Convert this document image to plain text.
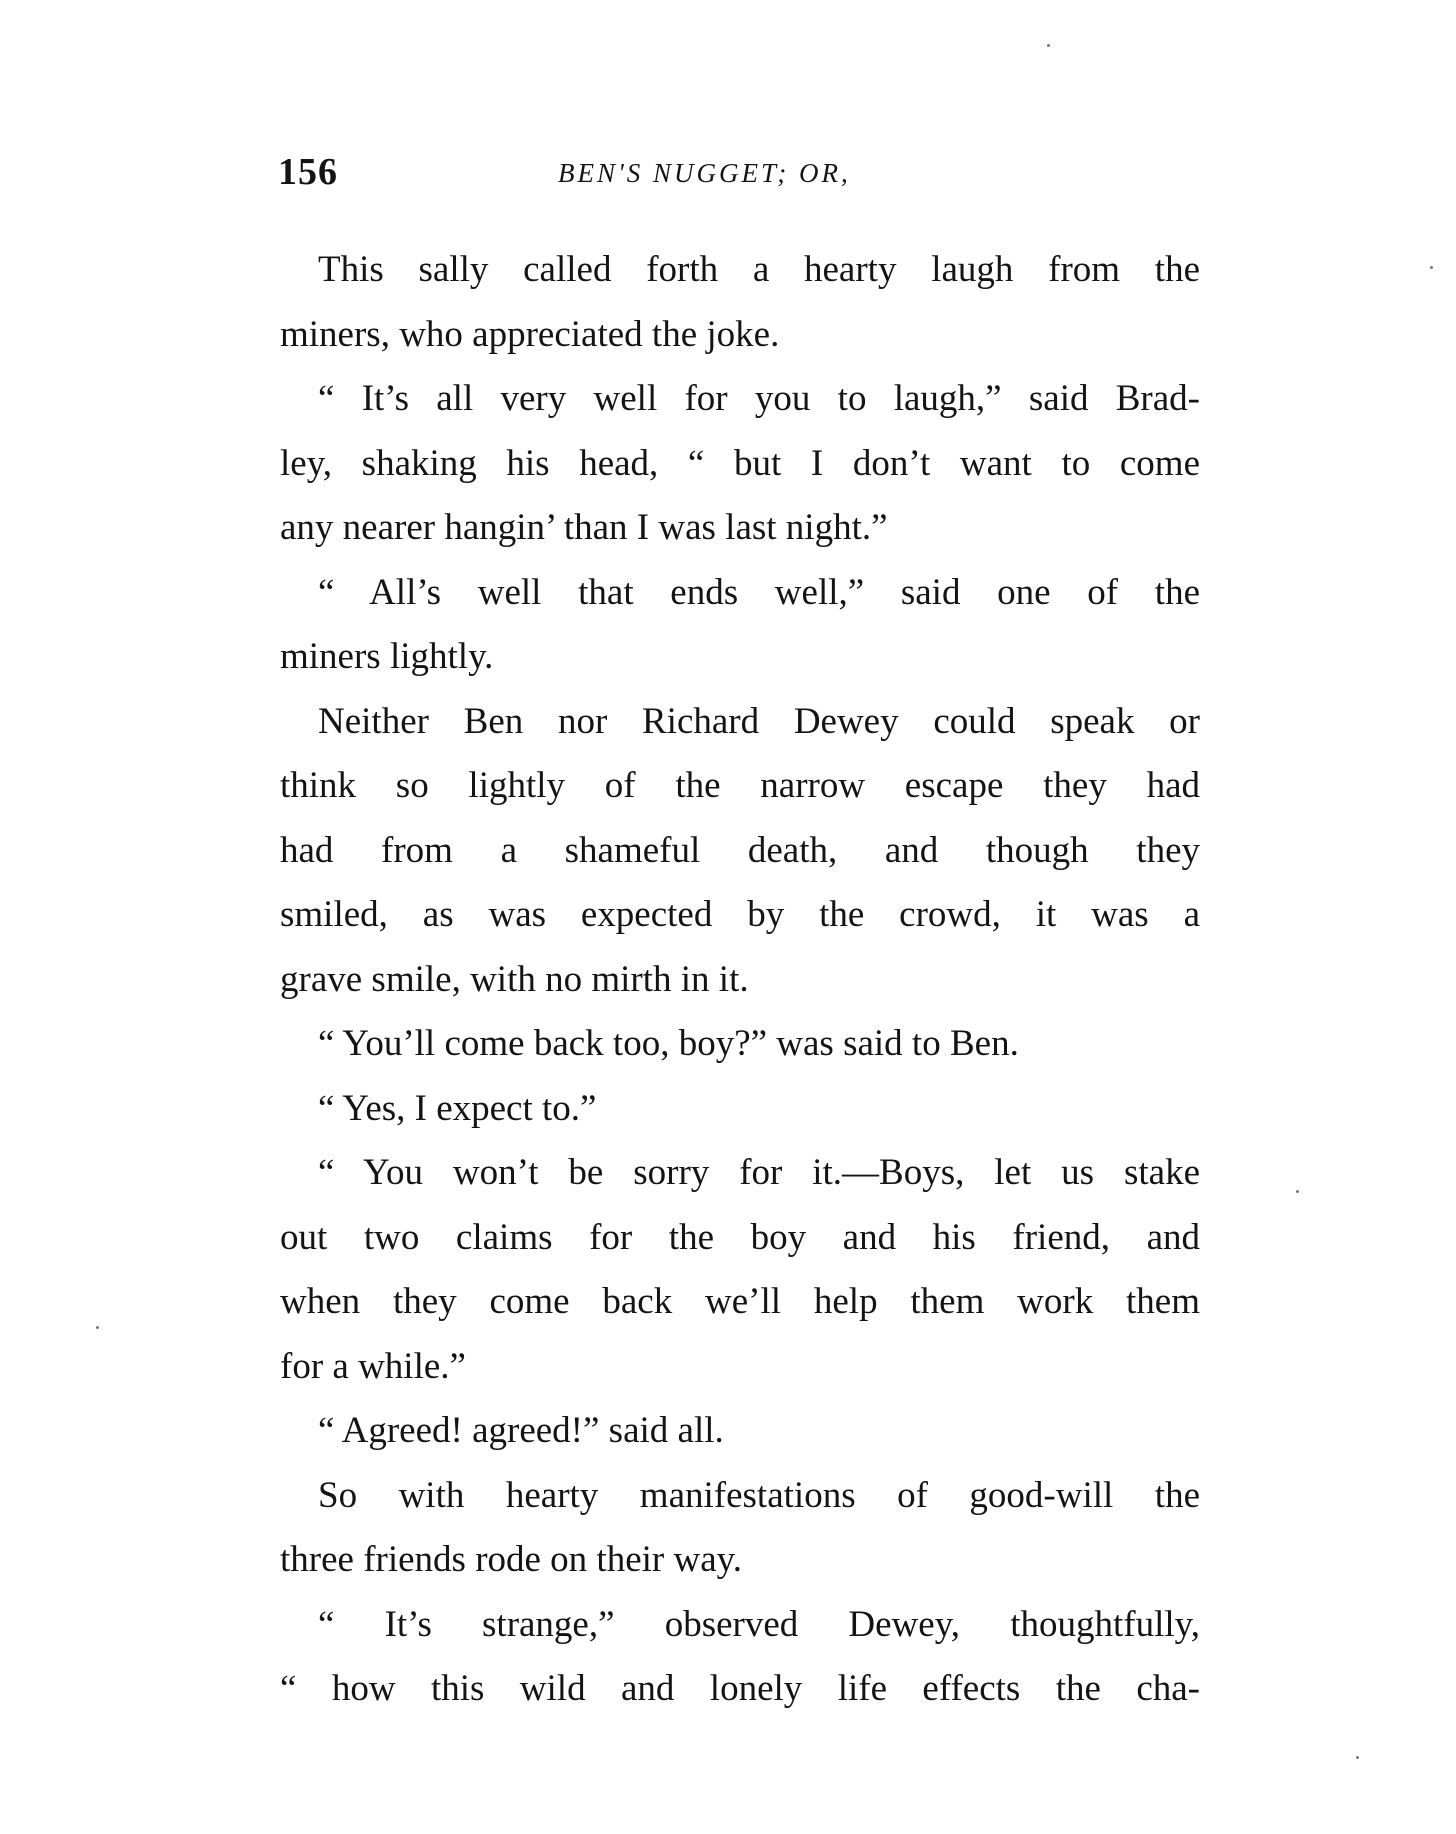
156	BEN'S NUGGET; OR,
This sally called forth a hearty laugh from the
miners, who appreciated the joke.
“ It’s all very well for you to laugh,” said Brad-
ley, shaking his head, “ but I don’t want to come
any nearer hangin’ than I was last night.”
“ All’s well that ends well,” said one of the
miners lightly.
Neither Ben nor Richard Dewey could speak or
think so lightly of the narrow escape they had
had from a shameful death, and though they
smiled, as was expected by the crowd, it was a
grave smile, with no mirth in it.
“ You’ll come back too, boy?” was said to Ben.
“ Yes, I expect to.”
“ You won’t be sorry for it.—Boys, let us stake
out two claims for the boy and his friend, and
when they come back we’ll help them work them
for a while.”
“ Agreed! agreed!” said all.
So with hearty manifestations of good-will the
three friends rode on their way.
“ It’s strange,” observed Dewey, thoughtfully,
“ how this wild and lonely life effects the cha-
